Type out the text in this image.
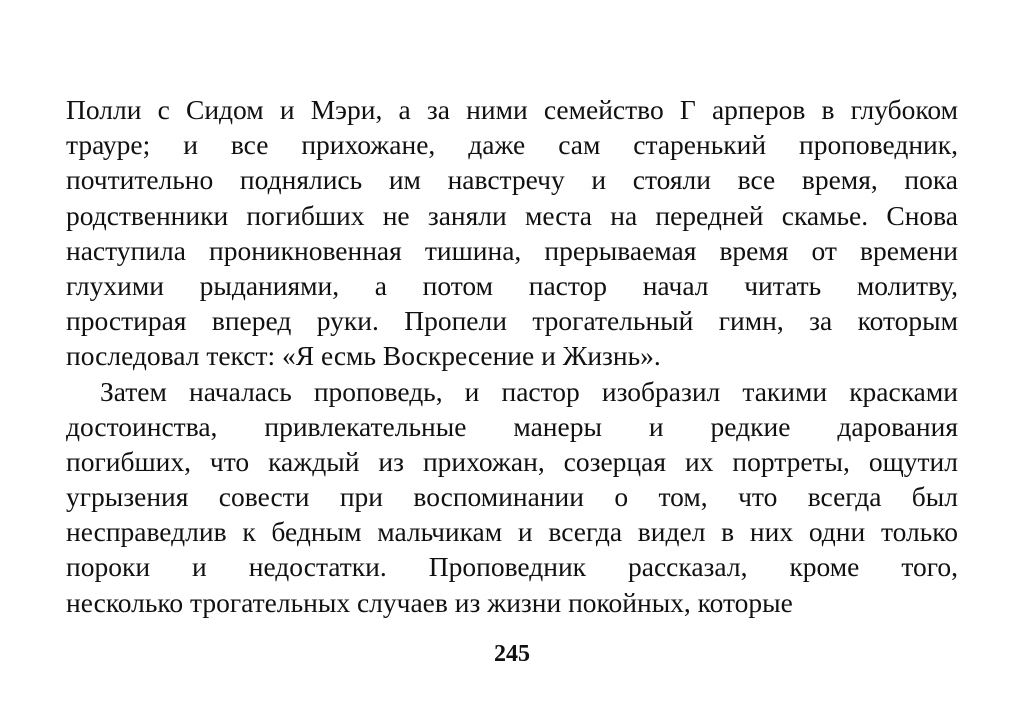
Полли с Сидом и Мэри, а за ними семейство Г арперов в глубоком
трауре; и все прихожане, даже сам старенький проповедник,
почтительно поднялись им навстречу и стояли все время, пока
родственники погибших не заняли места на передней скамье. Снова
наступила проникновенная тишина, прерываемая время от времени
глухими рыданиями, а потом пастор начал читать молитву,
простирая вперед руки. Пропели трогательный гимн, за которым
последовал текст: «Я есмь Воскресение и Жизнь».
Затем началась проповедь, и пастор изобразил такими красками
достоинства, привлекательные манеры и редкие дарования
погибших, что каждый из прихожан, созерцая их портреты, ощутил
угрызения совести при воспоминании о том, что всегда был
несправедлив к бедным мальчикам и всегда видел в них одни только
пороки и недостатки. Проповедник рассказал, кроме того,
несколько трогательных случаев из жизни покойных, которые
245
